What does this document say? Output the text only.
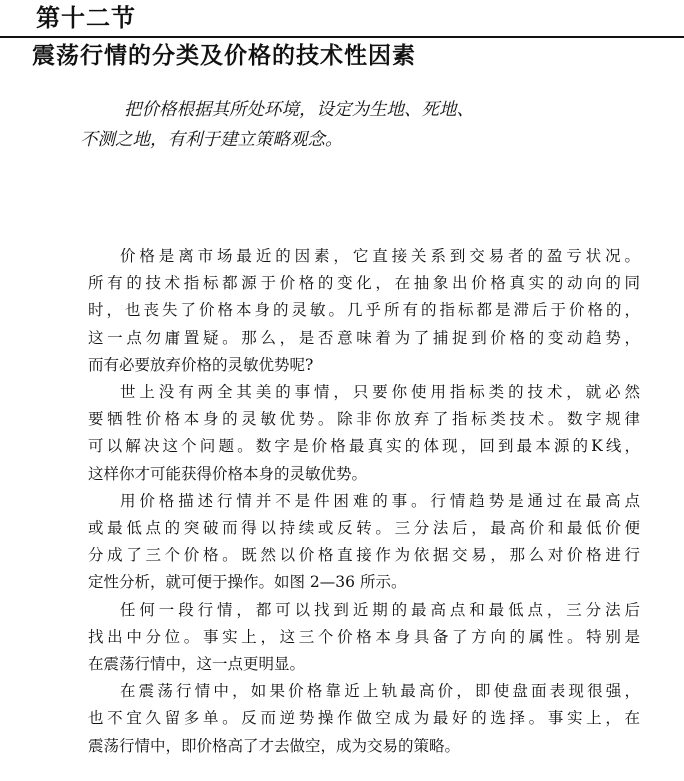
第十二节
震荡行情的分类及价格的技术性因素
把价格根据其所处环境，设定为生地、死地、
不测之地，有利于建立策略观念。
价格是离市场最近的因素，它直接关系到交易者的盈亏状况。
所有的技术指标都源于价格的变化，在抽象出价格真实的动向的同
时，也丧失了价格本身的灵敏。几乎所有的指标都是滞后于价格的，
这一点勿庸置疑。那么，是否意味着为了捕捉到价格的变动趋势，
而有必要放弃价格的灵敏优势呢?
世上没有两全其美的事情，只要你使用指标类的技术，就必然
要牺牲价格本身的灵敏优势。除非你放弃了指标类技术。数字规律
可以解决这个问题。数字是价格最真实的体现，回到最本源的K线，
这样你才可能获得价格本身的灵敏优势。
用价格描述行情并不是件困难的事。行情趋势是通过在最高点
或最低点的突破而得以持续或反转。三分法后，最高价和最低价便
分成了三个价格。既然以价格直接作为依据交易，那么对价格进行
定性分析，就可便于操作。如图 2—36 所示。
任何一段行情，都可以找到近期的最高点和最低点，三分法后
找出中分位。事实上，这三个价格本身具备了方向的属性。特别是
在震荡行情中，这一点更明显。
在震荡行情中，如果价格靠近上轨最高价，即使盘面表现很强，
也不宜久留多单。反而逆势操作做空成为最好的选择。事实上，在
震荡行情中，即价格高了才去做空，成为交易的策略。
